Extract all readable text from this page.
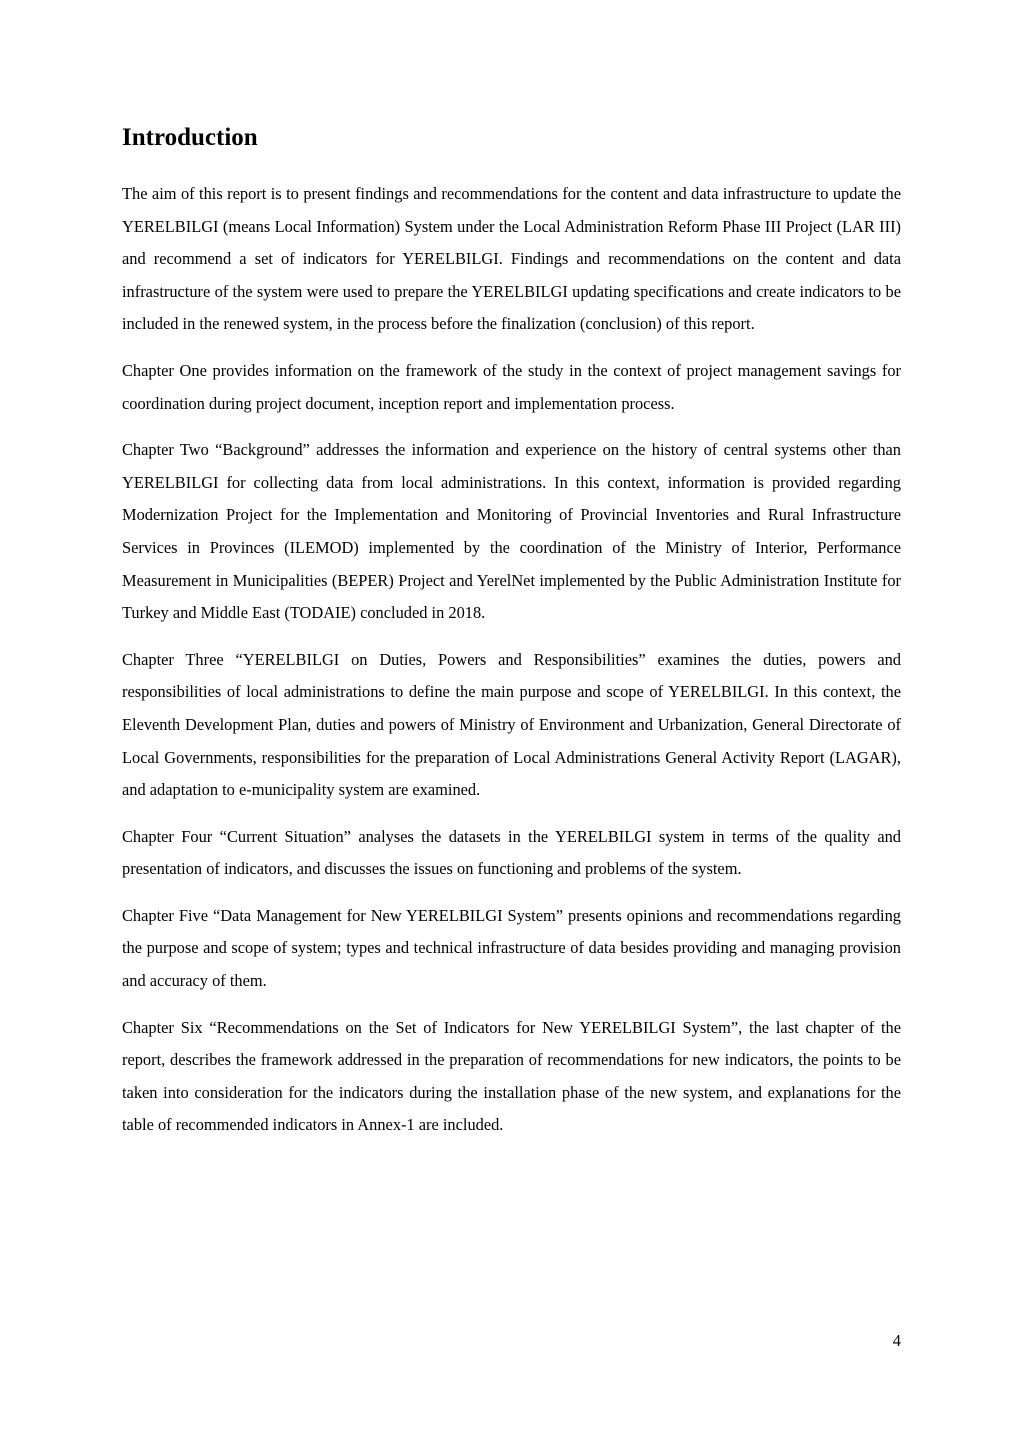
Introduction

The aim of this report is to present findings and recommendations for the content and data infrastructure to update the YERELBILGI (means Local Information) System under the Local Administration Reform Phase III Project (LAR III) and recommend a set of indicators for YERELBILGI. Findings and recommendations on the content and data infrastructure of the system were used to prepare the YERELBILGI updating specifications and create indicators to be included in the renewed system, in the process before the finalization (conclusion) of this report.

Chapter One provides information on the framework of the study in the context of project management savings for coordination during project document, inception report and implementation process.

Chapter Two “Background” addresses the information and experience on the history of central systems other than YERELBILGI for collecting data from local administrations. In this context, information is provided regarding Modernization Project for the Implementation and Monitoring of Provincial Inventories and Rural Infrastructure Services in Provinces (ILEMOD) implemented by the coordination of the Ministry of Interior, Performance Measurement in Municipalities (BEPER) Project and YerelNet implemented by the Public Administration Institute for Turkey and Middle East (TODAIE) concluded in 2018.

Chapter Three “YERELBILGI on Duties, Powers and Responsibilities” examines the duties, powers and responsibilities of local administrations to define the main purpose and scope of YERELBILGI. In this context, the Eleventh Development Plan, duties and powers of Ministry of Environment and Urbanization, General Directorate of Local Governments, responsibilities for the preparation of Local Administrations General Activity Report (LAGAR), and adaptation to e-municipality system are examined.

Chapter Four “Current Situation” analyses the datasets in the YERELBILGI system in terms of the quality and presentation of indicators, and discusses the issues on functioning and problems of the system.

Chapter Five “Data Management for New YERELBILGI System” presents opinions and recommendations regarding the purpose and scope of system; types and technical infrastructure of data besides providing and managing provision and accuracy of them.

Chapter Six “Recommendations on the Set of Indicators for New YERELBILGI System”, the last chapter of the report, describes the framework addressed in the preparation of recommendations for new indicators, the points to be taken into consideration for the indicators during the installation phase of the new system, and explanations for the table of recommended indicators in Annex-1 are included.

4
